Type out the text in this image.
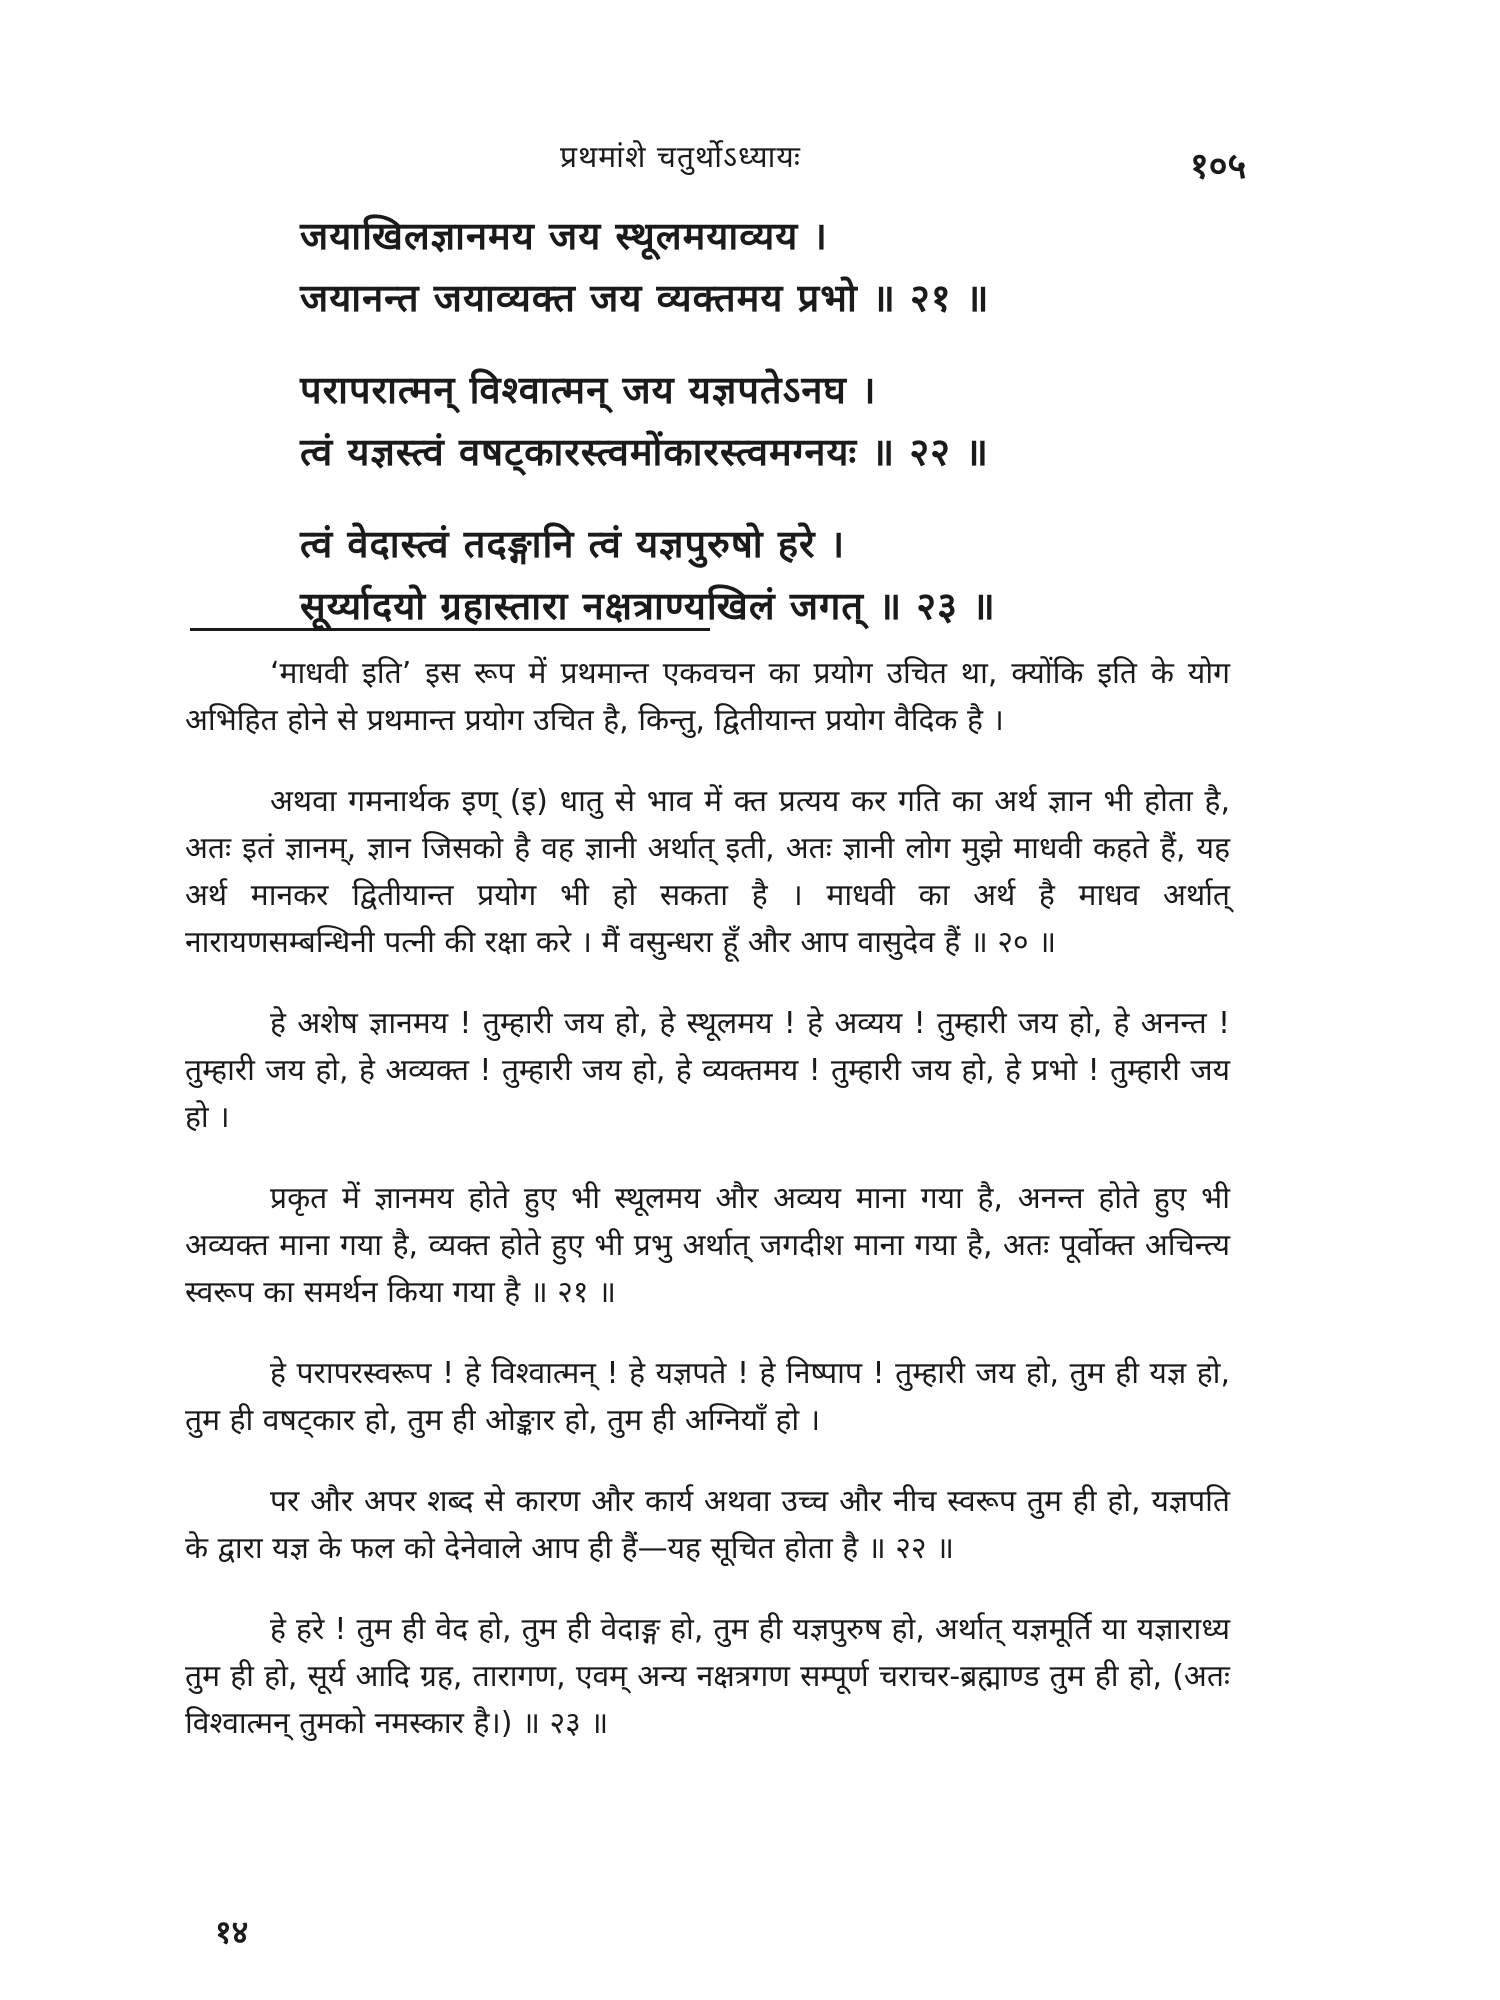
प्रथमांशे चतुर्थोऽध्यायः	१०५
जयाखिलज्ञानमय जय स्थूलमयाव्यय ।
जयानन्त जयाव्यक्त जय व्यक्तमय प्रभो ॥ २१ ॥
परापरात्मन् विश्वात्मन् जय यज्ञपतेऽनघ ।
त्वं यज्ञस्त्वं वषट्कारस्त्वमोंकारस्त्वमग्नयः ॥ २२ ॥
त्वं वेदास्त्वं तदङ्गानि त्वं यज्ञपुरुषो हरे ।
सूर्य्यादयो ग्रहास्तारा नक्षत्राण्यखिलं जगत् ॥ २३ ॥

‘माधवी इति’ इस रूप में प्रथमान्त एकवचन का प्रयोग उचित था, क्योंकि इति के योग अभिहित होने से प्रथमान्त प्रयोग उचित है, किन्तु, द्वितीयान्त प्रयोग वैदिक है ।

अथवा गमनार्थक इण् (इ) धातु से भाव में क्त प्रत्यय कर गति का अर्थ ज्ञान भी होता है, अतः इतं ज्ञानम्, ज्ञान जिसको है वह ज्ञानी अर्थात् इती, अतः ज्ञानी लोग मुझे माधवी कहते हैं, यह अर्थ मानकर द्वितीयान्त प्रयोग भी हो सकता है । माधवी का अर्थ है माधव अर्थात् नारायणसम्बन्धिनी पत्नी की रक्षा करे । मैं वसुन्धरा हूँ और आप वासुदेव हैं ॥ २० ॥

हे अशेष ज्ञानमय ! तुम्हारी जय हो, हे स्थूलमय ! हे अव्यय ! तुम्हारी जय हो, हे अनन्त ! तुम्हारी जय हो, हे अव्यक्त ! तुम्हारी जय हो, हे व्यक्तमय ! तुम्हारी जय हो, हे प्रभो ! तुम्हारी जय हो ।

प्रकृत में ज्ञानमय होते हुए भी स्थूलमय और अव्यय माना गया है, अनन्त होते हुए भी अव्यक्त माना गया है, व्यक्त होते हुए भी प्रभु अर्थात् जगदीश माना गया है, अतः पूर्वोक्त अचिन्त्य स्वरूप का समर्थन किया गया है ॥ २१ ॥

हे परापरस्वरूप ! हे विश्वात्मन् ! हे यज्ञपते ! हे निष्पाप ! तुम्हारी जय हो, तुम ही यज्ञ हो, तुम ही वषट्कार हो, तुम ही ओङ्कार हो, तुम ही अग्नियाँ हो ।

पर और अपर शब्द से कारण और कार्य अथवा उच्च और नीच स्वरूप तुम ही हो, यज्ञपति के द्वारा यज्ञ के फल को देनेवाले आप ही हैं—यह सूचित होता है ॥ २२ ॥

हे हरे ! तुम ही वेद हो, तुम ही वेदाङ्ग हो, तुम ही यज्ञपुरुष हो, अर्थात् यज्ञमूर्ति या यज्ञाराध्य तुम ही हो, सूर्य आदि ग्रह, तारागण, एवम् अन्य नक्षत्रगण सम्पूर्ण चराचर-ब्रह्माण्ड तुम ही हो, (अतः विश्वात्मन् तुमको नमस्कार है।) ॥ २३ ॥

१४
